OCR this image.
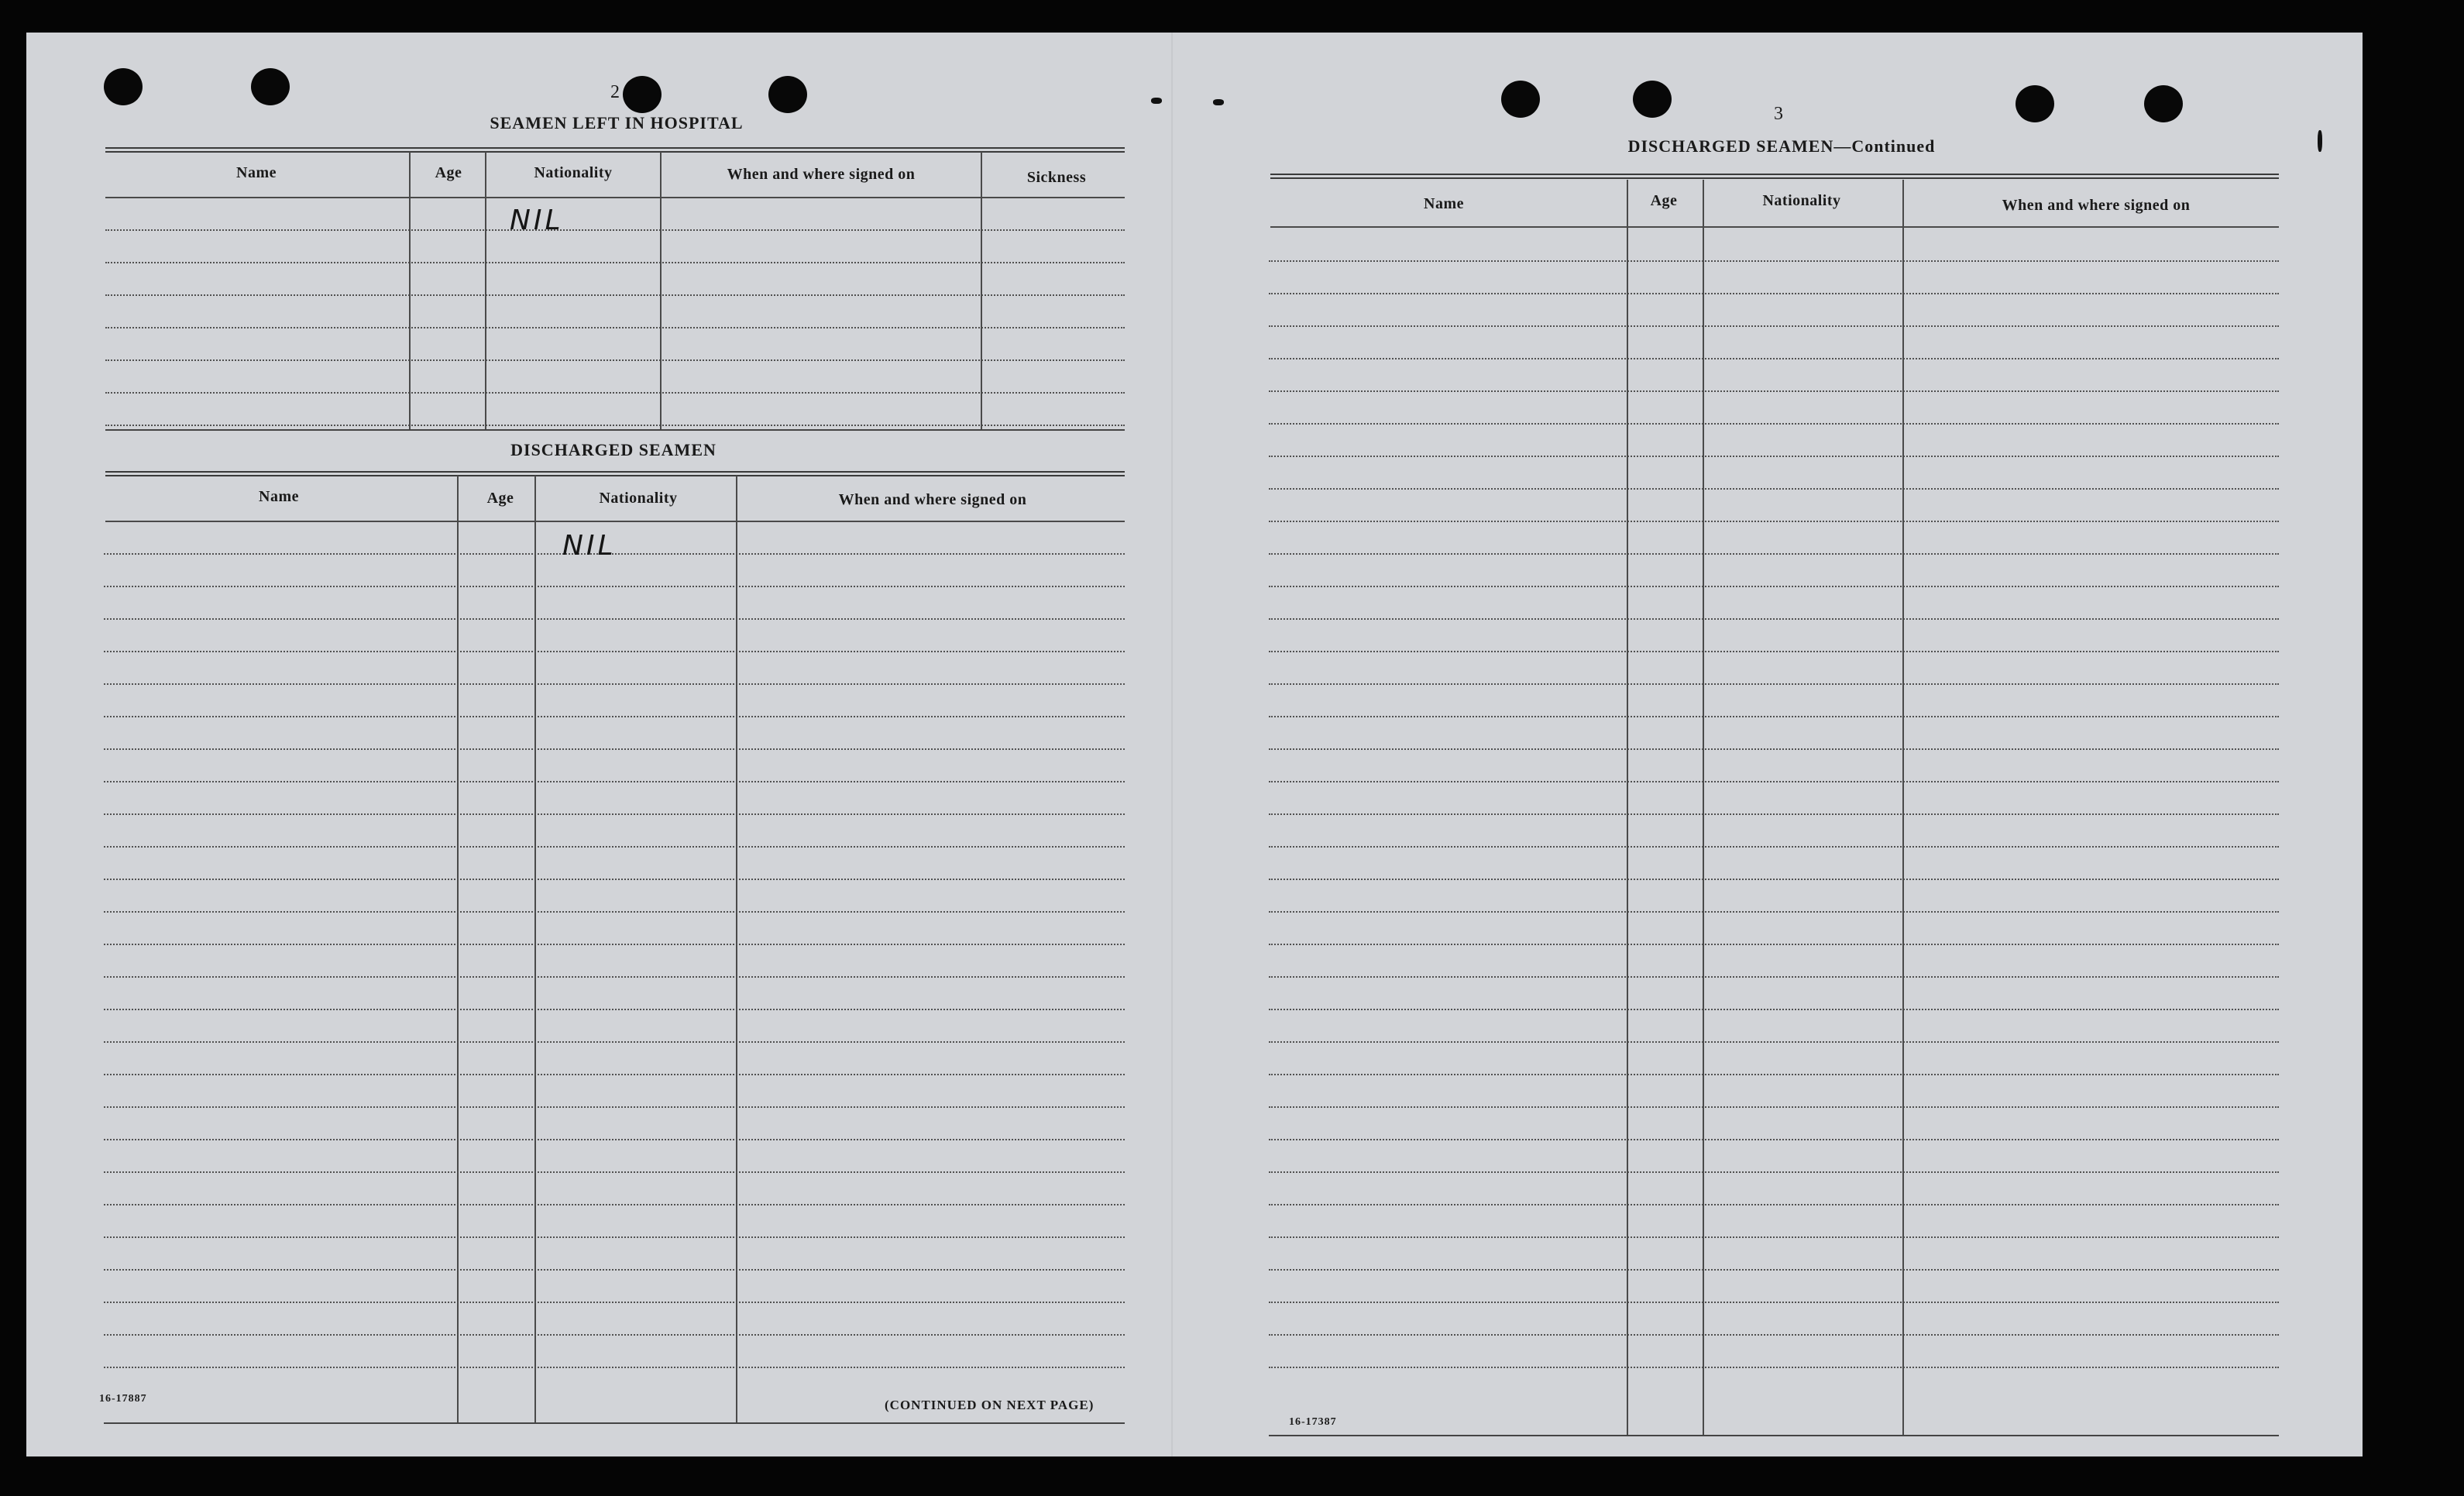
2
SEAMEN LEFT IN HOSPITAL
Name	Age	Nationality	When and where signed on	Sickness
NIL
DISCHARGED SEAMEN
Name	Age	Nationality	When and where signed on
NIL
16-17887	(CONTINUED ON NEXT PAGE)
3
DISCHARGED SEAMEN—Continued
Name	Age	Nationality	When and where signed on
16-17387
